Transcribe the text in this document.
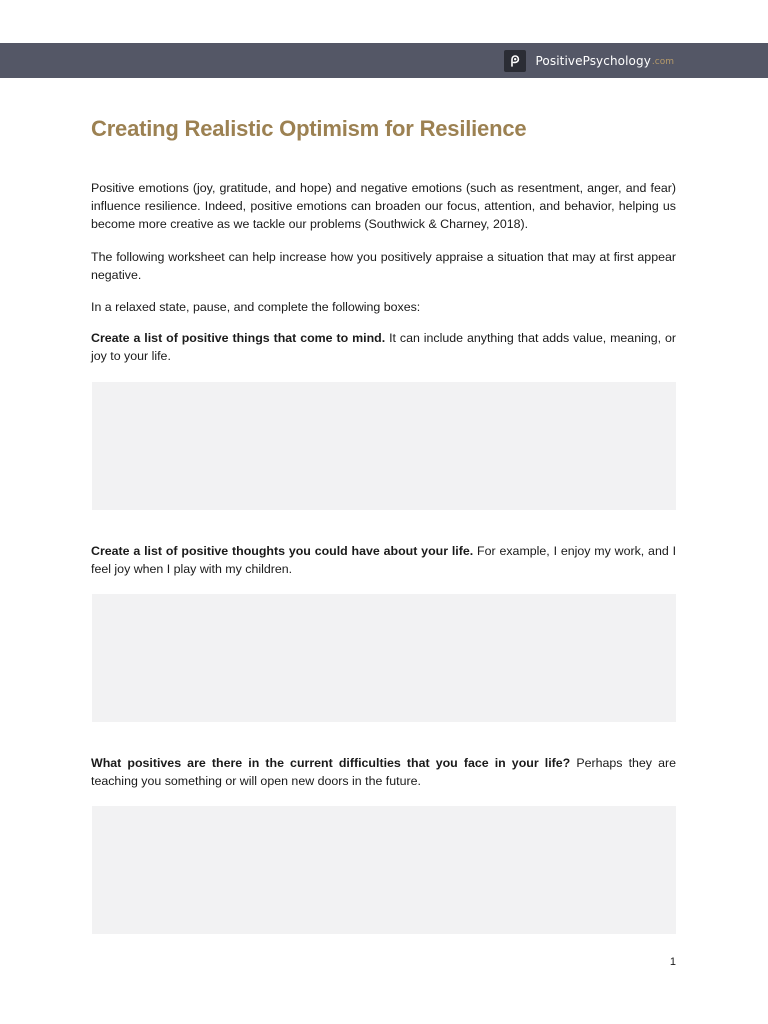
PositivePsychology .com
Creating Realistic Optimism for Resilience

Positive emotions (joy, gratitude, and hope) and negative emotions (such as resentment, anger, and fear) influence resilience. Indeed, positive emotions can broaden our focus, attention, and behavior, helping us become more creative as we tackle our problems (Southwick & Charney, 2018).

The following worksheet can help increase how you positively appraise a situation that may at first appear negative.

In a relaxed state, pause, and complete the following boxes:

Create a list of positive things that come to mind. It can include anything that adds value, meaning, or joy to your life.

Create a list of positive thoughts you could have about your life. For example, I enjoy my work, and I feel joy when I play with my children.

What positives are there in the current difficulties that you face in your life? Perhaps they are teaching you something or will open new doors in the future.

1
